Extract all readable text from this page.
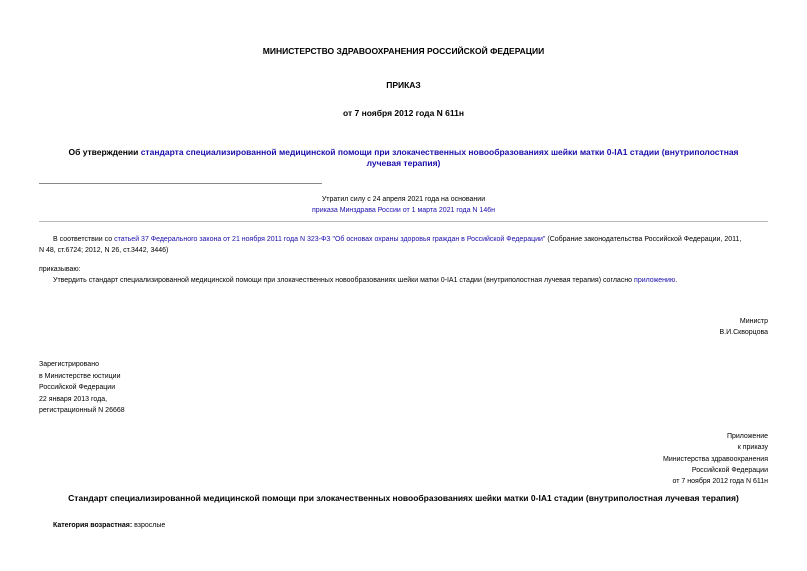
МИНИСТЕРСТВО ЗДРАВООХРАНЕНИЯ РОССИЙСКОЙ ФЕДЕРАЦИИ
ПРИКАЗ
от 7 ноября 2012 года N 611н
Об утверждении стандарта специализированной медицинской помощи при злокачественных новообразованиях шейки матки 0-IA1 стадии (внутриполостная
лучевая терапия)
Утратил силу с 24 апреля 2021 года на основании
приказа Минздрава России от 1 марта 2021 года N 146н
В соответствии со статьей 37 Федерального закона от 21 ноября 2011 года N 323-ФЗ "Об основах охраны здоровья граждан в Российской Федерации" (Собрание законодательства Российской Федерации, 2011,
N 48, ст.6724; 2012, N 26, ст.3442, 3446)
приказываю:
Утвердить стандарт специализированной медицинской помощи при злокачественных новообразованиях шейки матки 0-IA1 стадии (внутриполостная лучевая терапия) согласно приложению.
Министр
В.И.Скворцова
Зарегистрировано
в Министерстве юстиции
Российской Федерации
22 января 2013 года,
регистрационный N 26668
Приложение
к приказу
Министерства здравоохранения
Российской Федерации
от 7 ноября 2012 года N 611н
Стандарт специализированной медицинской помощи при злокачественных новообразованиях шейки матки 0-IA1 стадии (внутриполостная лучевая терапия)
Категория возрастная: взрослые
